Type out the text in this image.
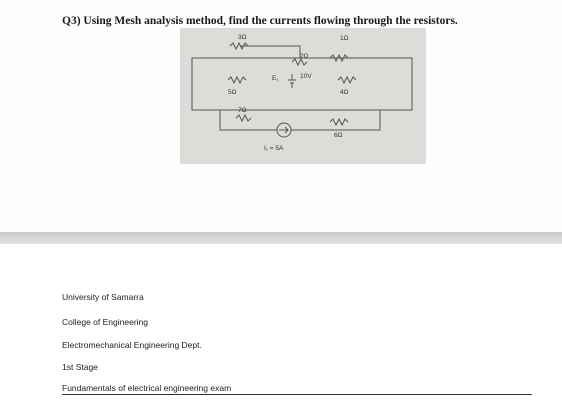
Q3) Using Mesh analysis method, find the currents flowing through the resistors.

3Ω
2Ω
1Ω
E₁	10V
5Ω	4Ω
7Ω
6Ω
I₁ = 5A

University of Samarra

College of Engineering

Electromechanical Engineering Dept.

1st Stage

Fundamentals of electrical engineering exam
